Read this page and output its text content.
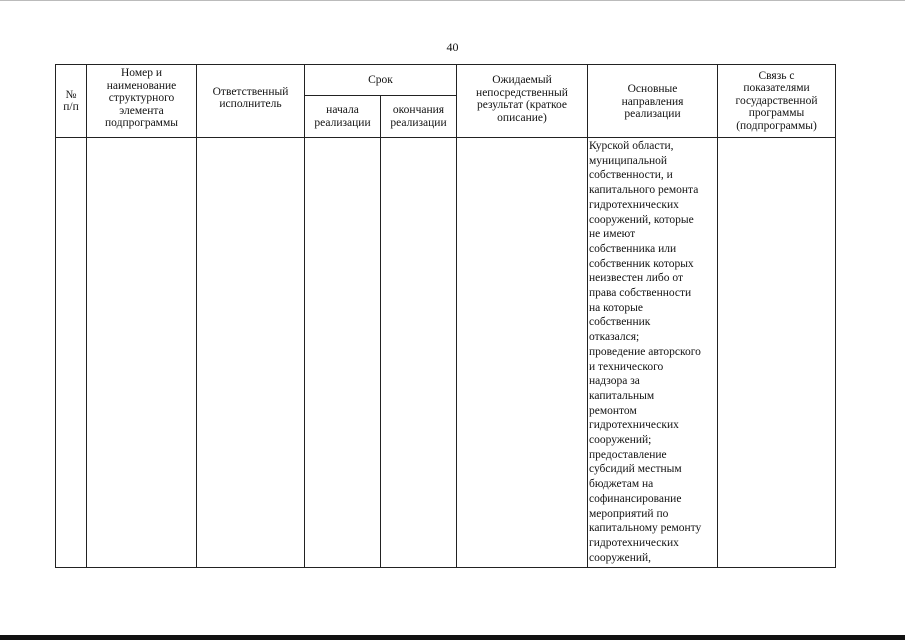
40
№
п/п
Номер и
наименование
структурного
элемента
подпрограммы
Ответственный
исполнитель
Срок
начала
реализации
окончания
реализации
Ожидаемый
непосредственный
результат (краткое
описание)
Основные
направления
реализации
Связь с
показателями
государственной
программы
(подпрограммы)
Курской области,
муниципальной
собственности, и
капитального ремонта
гидротехнических
сооружений, которые
не имеют
собственника или
собственник которых
неизвестен либо от
права собственности
на которые
собственник
отказался;
проведение авторского
и технического
надзора за
капитальным
ремонтом
гидротехнических
сооружений;
предоставление
субсидий местным
бюджетам на
софинансирование
мероприятий по
капитальному ремонту
гидротехнических
сооружений,
